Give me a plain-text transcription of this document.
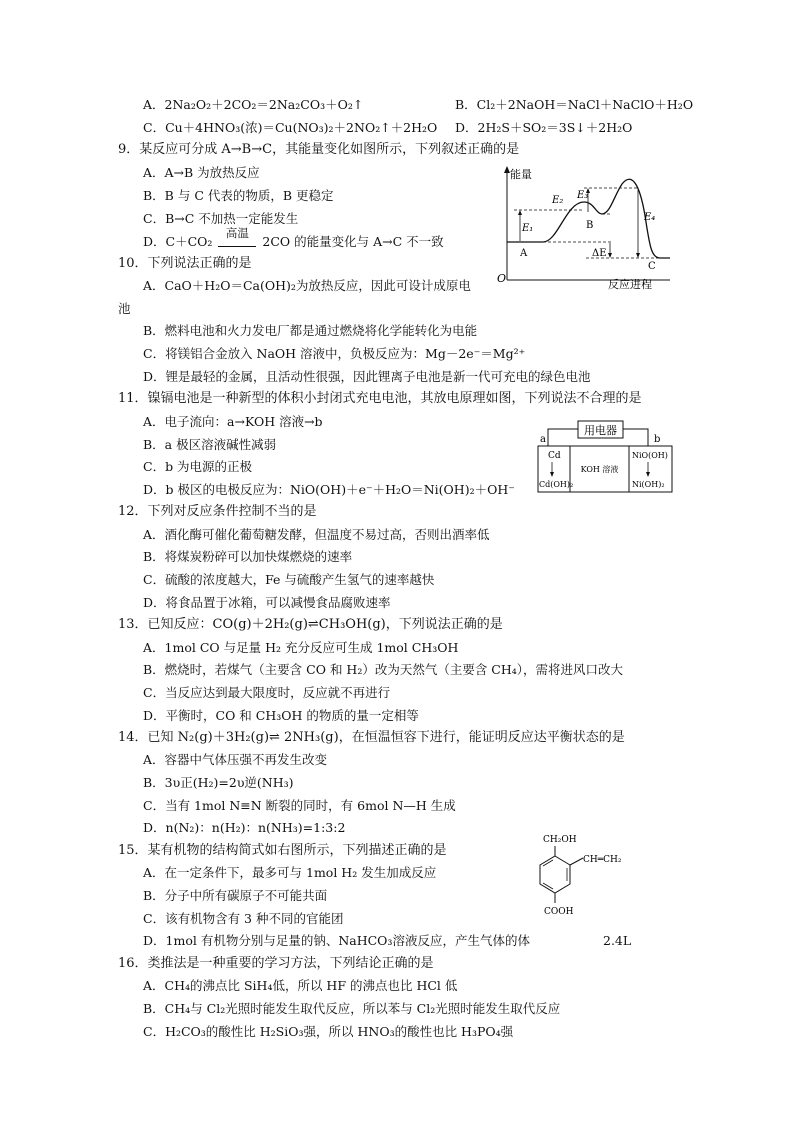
A．2Na₂O₂＋2CO₂＝2Na₂CO₃＋O₂↑	B．Cl₂＋2NaOH＝NaCl＋NaClO＋H₂O
C．Cu＋4HNO₃(浓)＝Cu(NO₃)₂＋2NO₂↑＋2H₂O D．2H₂S＋SO₂＝3S↓＋2H₂O
9．某反应可分成 A→B→C，其能量变化如图所示，下列叙述正确的是
A．A→B 为放热反应
B．B 与 C 代表的物质，B 更稳定
C．B→C 不加热一定能发生
D．C＋CO₂
高温
2CO 的能量变化与 A→C 不一致
能量
反应进程
O
E₂ E₃
E₁
E₄
B
A
C
ΔE
10．下列说法正确的是
A．CaO＋H₂O＝Ca(OH)₂为放热反应，因此可设计成原电
池
B．燃料电池和火力发电厂都是通过燃烧将化学能转化为电能
C．将镁铝合金放入 NaOH 溶液中，负极反应为：Mg－2e⁻＝Mg²⁺
D．锂是最轻的金属，且活动性很强，因此锂离子电池是新一代可充电的绿色电池
11．镍镉电池是一种新型的体积小封闭式充电电池，其放电原理如图，下列说法不合理的是
A．电子流向：a→KOH 溶液→b
B．a 极区溶液碱性减弱
C．b 为电源的正极
D．b 极区的电极反应为：NiO(OH)＋e⁻＋H₂O＝Ni(OH)₂＋OH⁻
用电器
a	b
Cd
Cd(OH)₂
KOH 溶液
NiO(OH)
Ni(OH)₂
12．下列对反应条件控制不当的是
A．酒化酶可催化葡萄糖发酵，但温度不易过高，否则出酒率低
B．将煤炭粉碎可以加快煤燃烧的速率
C．硫酸的浓度越大，Fe 与硫酸产生氢气的速率越快
D．将食品置于冰箱，可以减慢食品腐败速率
13．已知反应：CO(g)＋2H₂(g)⇌CH₃OH(g)，下列说法正确的是
A．1mol CO 与足量 H₂ 充分反应可生成 1mol CH₃OH
B．燃烧时，若煤气（主要含 CO 和 H₂）改为天然气（主要含 CH₄），需将进风口改大
C．当反应达到最大限度时，反应就不再进行
D．平衡时，CO 和 CH₃OH 的物质的量一定相等
14．已知 N₂(g)＋3H₂(g)⇌ 2NH₃(g)，在恒温恒容下进行，能证明反应达平衡状态的是
A．容器中气体压强不再发生改变
B．3υ正(H₂)=2υ逆(NH₃)
C．当有 1mol N≡N 断裂的同时，有 6mol N—H 生成
D．n(N₂)：n(H₂)：n(NH₃)=1:3:2
15．某有机物的结构简式如右图所示，下列描述正确的是
A．在一定条件下，最多可与 1mol H₂ 发生加成反应
B．分子中所有碳原子不可能共面
C．该有机物含有 3 种不同的官能团
D．1mol 有机物分别与足量的钠、NaHCO₃溶液反应，产生气体的体	2.4L
CH₂OH
CH═CH₂
COOH
16．类推法是一种重要的学习方法，下列结论正确的是
A．CH₄的沸点比 SiH₄低，所以 HF 的沸点也比 HCl 低
B．CH₄与 Cl₂光照时能发生取代反应，所以苯与 Cl₂光照时能发生取代反应
C．H₂CO₃的酸性比 H₂SiO₃强，所以 HNO₃的酸性也比 H₃PO₄强
